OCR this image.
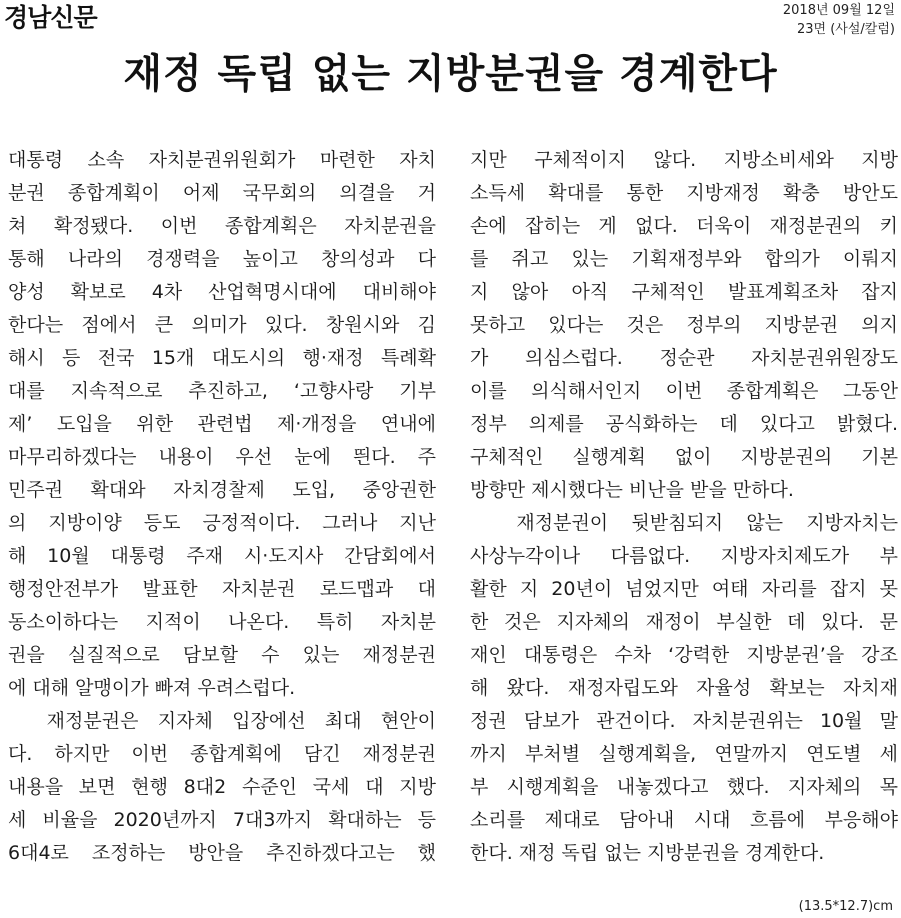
경남신문	2018년 09월 12일
23면 (사설/칼럼)
재정 독립 없는 지방분권을 경계한다
대통령 소속 자치분권위원회가 마련한 자치
분권 종합계획이 어제 국무회의 의결을 거
쳐 확정됐다. 이번 종합계획은 자치분권을
통해 나라의 경쟁력을 높이고 창의성과 다
양성 확보로 4차 산업혁명시대에 대비해야
한다는 점에서 큰 의미가 있다. 창원시와 김
해시 등 전국 15개 대도시의 행·재정 특례확
대를 지속적으로 추진하고, ‘고향사랑 기부
제’ 도입을 위한 관련법 제·개정을 연내에
마무리하겠다는 내용이 우선 눈에 띈다. 주
민주권 확대와 자치경찰제 도입, 중앙권한
의 지방이양 등도 긍정적이다. 그러나 지난
해 10월 대통령 주재 시·도지사 간담회에서
행정안전부가 발표한 자치분권 로드맵과 대
동소이하다는 지적이 나온다. 특히 자치분
권을 실질적으로 담보할 수 있는 재정분권
에 대해 알맹이가 빠져 우려스럽다.
재정분권은 지자체 입장에선 최대 현안이
다. 하지만 이번 종합계획에 담긴 재정분권
내용을 보면 현행 8대2 수준인 국세 대 지방
세 비율을 2020년까지 7대3까지 확대하는 등
6대4로 조정하는 방안을 추진하겠다고는 했
지만 구체적이지 않다. 지방소비세와 지방
소득세 확대를 통한 지방재정 확충 방안도
손에 잡히는 게 없다. 더욱이 재정분권의 키
를 쥐고 있는 기획재정부와 합의가 이뤄지
지 않아 아직 구체적인 발표계획조차 잡지
못하고 있다는 것은 정부의 지방분권 의지
가 의심스럽다. 정순관 자치분권위원장도
이를 의식해서인지 이번 종합계획은 그동안
정부 의제를 공식화하는 데 있다고 밝혔다.
구체적인 실행계획 없이 지방분권의 기본
방향만 제시했다는 비난을 받을 만하다.
재정분권이 뒷받침되지 않는 지방자치는
사상누각이나 다름없다. 지방자치제도가 부
활한 지 20년이 넘었지만 여태 자리를 잡지 못
한 것은 지자체의 재정이 부실한 데 있다. 문
재인 대통령은 수차 ‘강력한 지방분권’을 강조
해 왔다. 재정자립도와 자율성 확보는 자치재
정권 담보가 관건이다. 자치분권위는 10월 말
까지 부처별 실행계획을, 연말까지 연도별 세
부 시행계획을 내놓겠다고 했다. 지자체의 목
소리를 제대로 담아내 시대 흐름에 부응해야
한다. 재정 독립 없는 지방분권을 경계한다.
(13.5*12.7)cm
